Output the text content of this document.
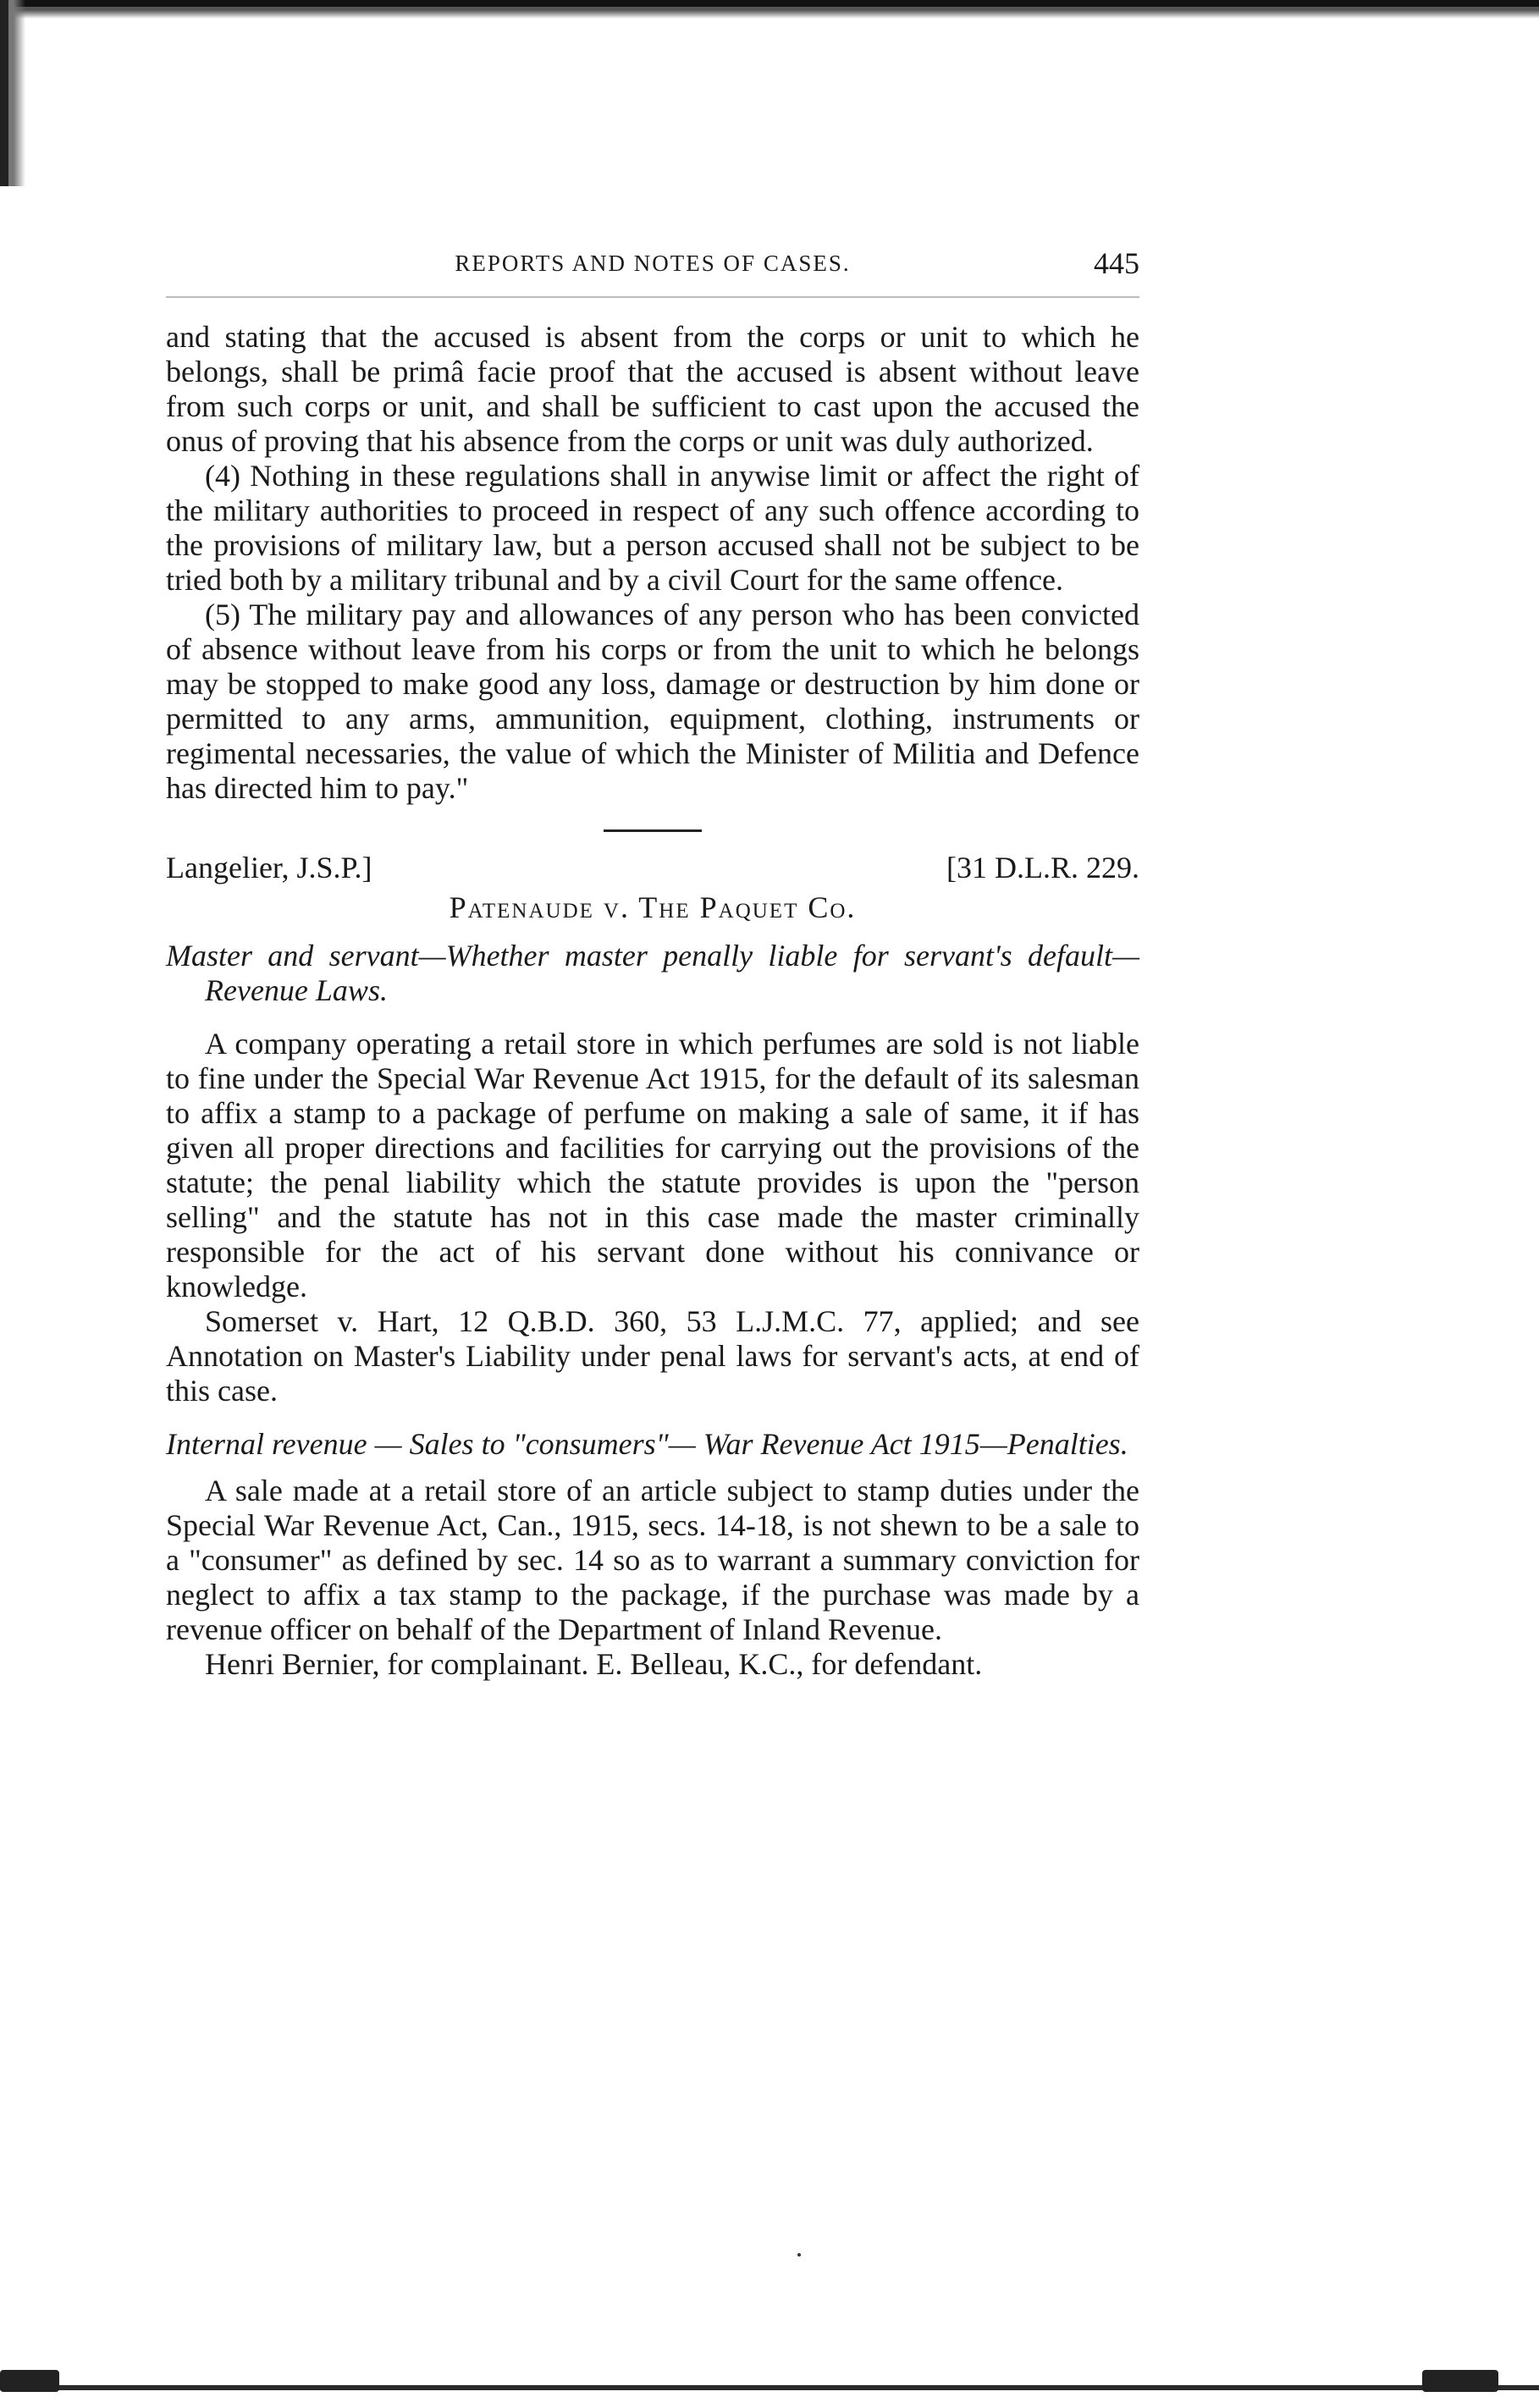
REPORTS AND NOTES OF CASES.	445

and stating that the accused is absent from the corps or unit to which he belongs, shall be primâ facie proof that the accused is absent without leave from such corps or unit, and shall be sufficient to cast upon the accused the onus of proving that his absence from the corps or unit was duly authorized.

(4) Nothing in these regulations shall in anywise limit or affect the right of the military authorities to proceed in respect of any such offence according to the provisions of military law, but a person accused shall not be subject to be tried both by a military tribunal and by a civil Court for the same offence.

(5) The military pay and allowances of any person who has been convicted of absence without leave from his corps or from the unit to which he belongs may be stopped to make good any loss, damage or destruction by him done or permitted to any arms, ammunition, equipment, clothing, instruments or regimental necessaries, the value of which the Minister of Militia and Defence has directed him to pay."

Langelier, J.S.P.]	[31 D.L.R. 229.
Patenaude v. The Paquet Co.

Master and servant—Whether master penally liable for servant's default—Revenue Laws.

A company operating a retail store in which perfumes are sold is not liable to fine under the Special War Revenue Act 1915, for the default of its salesman to affix a stamp to a package of perfume on making a sale of same, it if has given all proper directions and facilities for carrying out the provisions of the statute; the penal liability which the statute provides is upon the "person selling" and the statute has not in this case made the master criminally responsible for the act of his servant done without his connivance or knowledge.

Somerset v. Hart, 12 Q.B.D. 360, 53 L.J.M.C. 77, applied; and see Annotation on Master's Liability under penal laws for servant's acts, at end of this case.

Internal revenue — Sales to "consumers"— War Revenue Act 1915—Penalties.

A sale made at a retail store of an article subject to stamp duties under the Special War Revenue Act, Can., 1915, secs. 14-18, is not shewn to be a sale to a "consumer" as defined by sec. 14 so as to warrant a summary conviction for neglect to affix a tax stamp to the package, if the purchase was made by a revenue officer on behalf of the Department of Inland Revenue.

Henri Bernier, for complainant. E. Belleau, K.C., for defendant.
